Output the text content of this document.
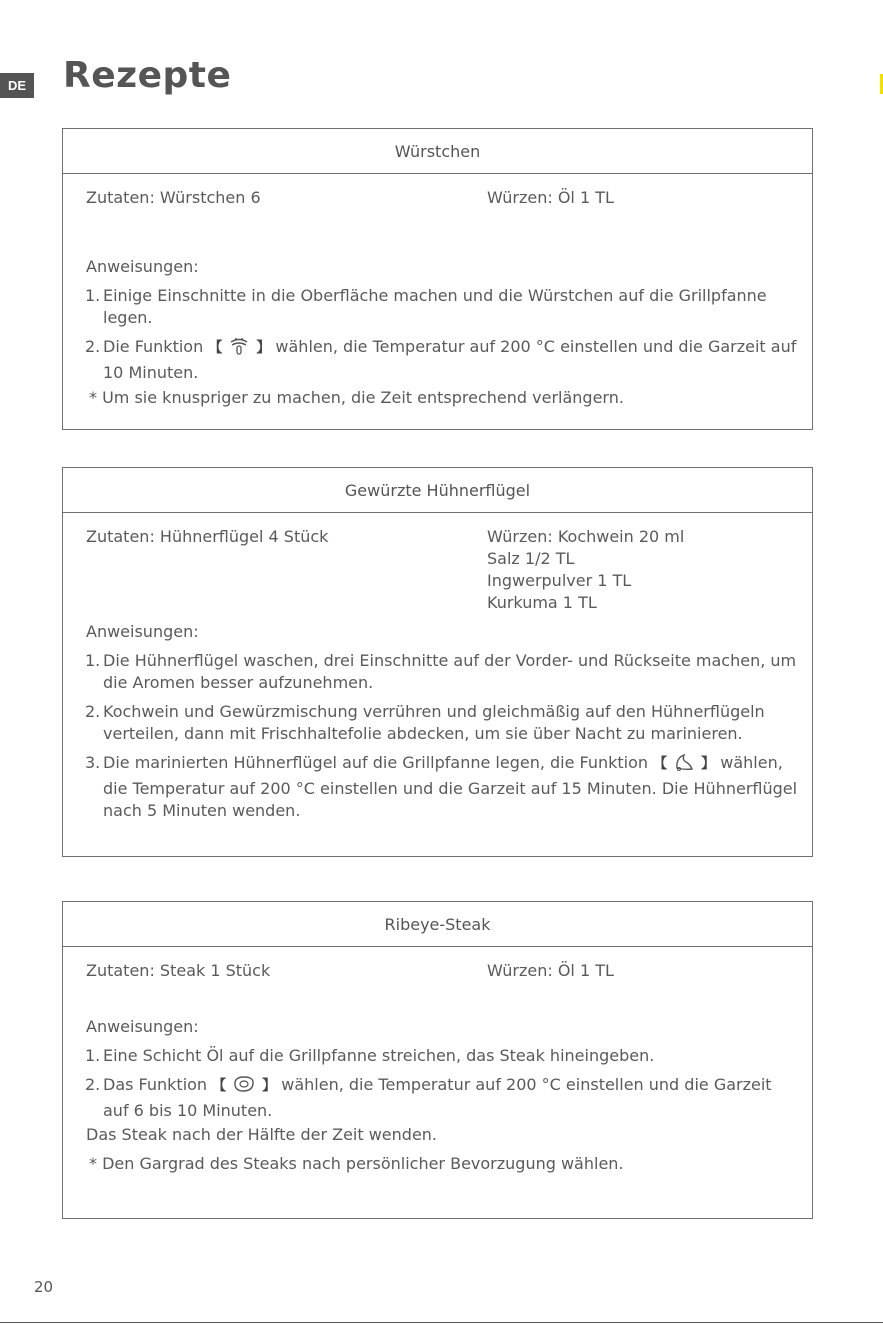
DE Rezepte
Würstchen
Zutaten: Würstchen 6	Würzen: Öl 1 TL
Anweisungen:
1. Einige Einschnitte in die Oberfläche machen und die Würstchen auf die Grillpfanne legen.
2. Die Funktion 【 】 wählen, die Temperatur auf 200 °C einstellen und die Garzeit auf 10 Minuten.
* Um sie knuspriger zu machen, die Zeit entsprechend verlängern.
Gewürzte Hühnerflügel
Zutaten: Hühnerflügel 4 Stück	Würzen: Kochwein 20 ml
Salz 1/2 TL
Ingwerpulver 1 TL
Kurkuma 1 TL
Anweisungen:
1. Die Hühnerflügel waschen, drei Einschnitte auf der Vorder- und Rückseite machen, um die Aromen besser aufzunehmen.
2. Kochwein und Gewürzmischung verrühren und gleichmäßig auf den Hühnerflügeln verteilen, dann mit Frischhaltefolie abdecken, um sie über Nacht zu marinieren.
3. Die marinierten Hühnerflügel auf die Grillpfanne legen, die Funktion 【 】 wählen, die Temperatur auf 200 °C einstellen und die Garzeit auf 15 Minuten. Die Hühnerflügel nach 5 Minuten wenden.
Ribeye-Steak
Zutaten: Steak 1 Stück	Würzen: Öl 1 TL
Anweisungen:
1. Eine Schicht Öl auf die Grillpfanne streichen, das Steak hineingeben.
2. Das Funktion 【	】 wählen, die Temperatur auf 200 °C einstellen und die Garzeit auf 6 bis 10 Minuten.
Das Steak nach der Hälfte der Zeit wenden.
* Den Gargrad des Steaks nach persönlicher Bevorzugung wählen.
20
